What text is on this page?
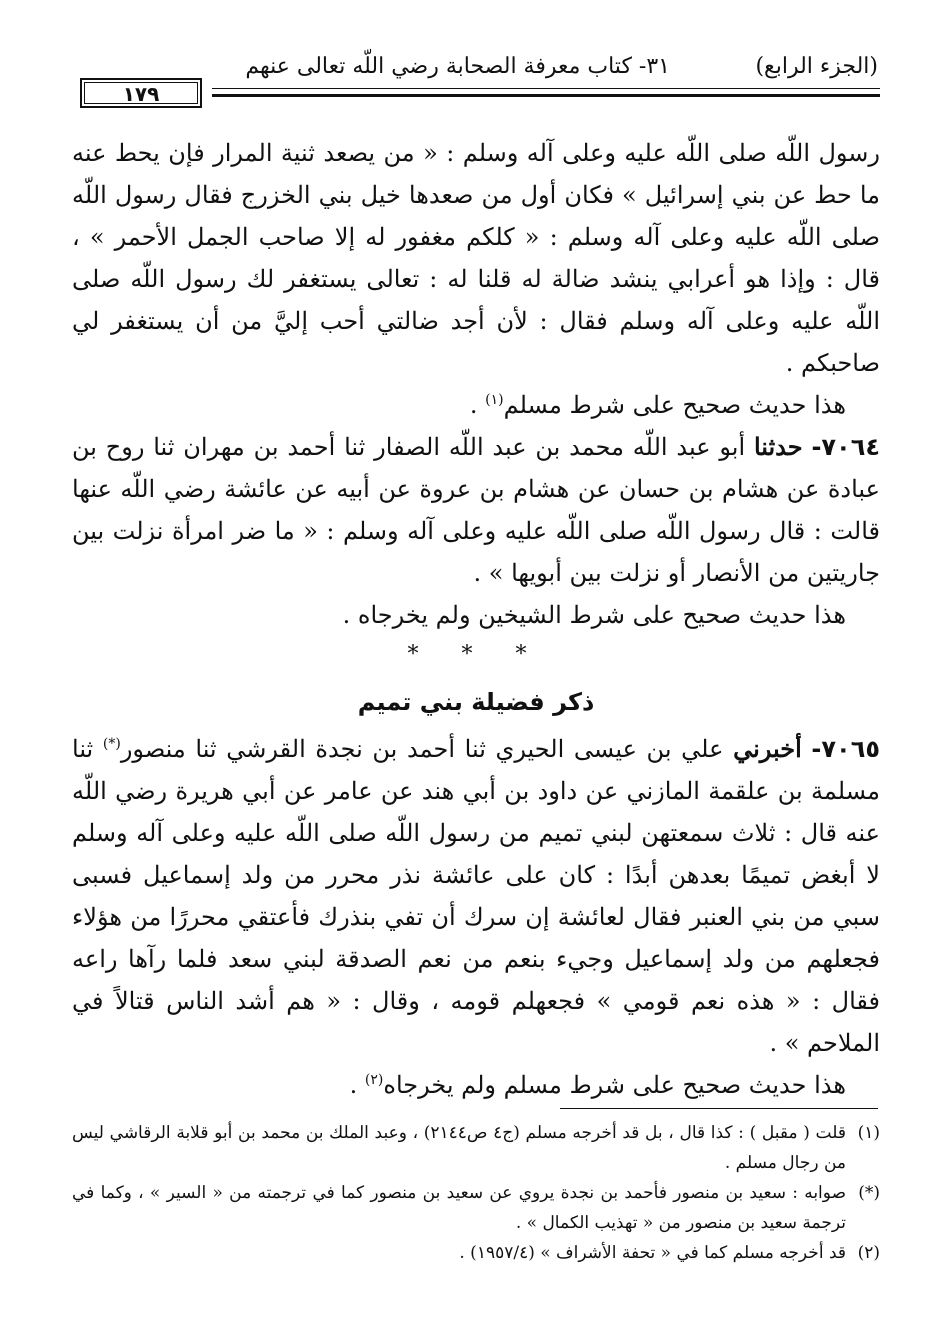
١٧٩
٣١- كتاب معرفة الصحابة رضي اللّه تعالى عنهم	(الجزء الرابع)
رسول اللّه صلى اللّه عليه وعلى آله وسلم : « من يصعد ثنية المرار فإن يحط عنه ما حط عن بني إسرائيل » فكان أول من صعدها خيل بني الخزرج فقال رسول اللّه صلى اللّه عليه وعلى آله وسلم : « كلكم مغفور له إلا صاحب الجمل الأحمر » ، قال : وإذا هو أعرابي ينشد ضالة له قلنا له : تعالى يستغفر لك رسول اللّه صلى اللّه عليه وعلى آله وسلم فقال : لأن أجد ضالتي أحب إليَّ من أن يستغفر لي صاحبكم .
هذا حديث صحيح على شرط مسلم$^{(١)}$ .
٧٠٦٤- حدثنا أبو عبد اللّه محمد بن عبد اللّه الصفار ثنا أحمد بن مهران ثنا روح بن عبادة عن هشام بن حسان عن هشام بن عروة عن أبيه عن عائشة رضي اللّه عنها قالت : قال رسول اللّه صلى اللّه عليه وعلى آله وسلم : « ما ضر امرأة نزلت بين جاريتين من الأنصار أو نزلت بين أبويها » .
هذا حديث صحيح على شرط الشيخين ولم يخرجاه .
* * *
ذكر فضيلة بني تميم
٧٠٦٥- أخبرني علي بن عيسى الحيري ثنا أحمد بن نجدة القرشي ثنا منصور(*) ثنا مسلمة بن علقمة المازني عن داود بن أبي هند عن عامر عن أبي هريرة رضي اللّه عنه قال : ثلاث سمعتهن لبني تميم من رسول اللّه صلى اللّه عليه وعلى آله وسلم لا أبغض تميمًا بعدهن أبدًا : كان على عائشة نذر محرر من ولد إسماعيل فسبى سبي من بني العنبر فقال لعائشة إن سرك أن تفي بنذرك فأعتقي محررًا من هؤلاء فجعلهم من ولد إسماعيل وجيء بنعم من نعم الصدقة لبني سعد فلما رآها راعه فقال : « هذه نعم قومي » فجعهلم قومه ، وقال : « هم أشد الناس قتالاً في الملاحم » .
هذا حديث صحيح على شرط مسلم ولم يخرجاه$^{(٢)}$ .
(١)
قلت ( مقبل ) : كذا قال ، بل قد أخرجه مسلم (ج٤ ص٢١٤٤) ، وعبد الملك بن محمد بن أبو قلابة الرقاشي ليس من رجال مسلم .
(*)
صوابه : سعيد بن منصور فأحمد بن نجدة يروي عن سعيد بن منصور كما في ترجمته من « السير » ، وكما في ترجمة سعيد بن منصور من « تهذيب الكمال » .
(٢)
قد أخرجه مسلم كما في « تحفة الأشراف » (١٩٥٧/٤) .
